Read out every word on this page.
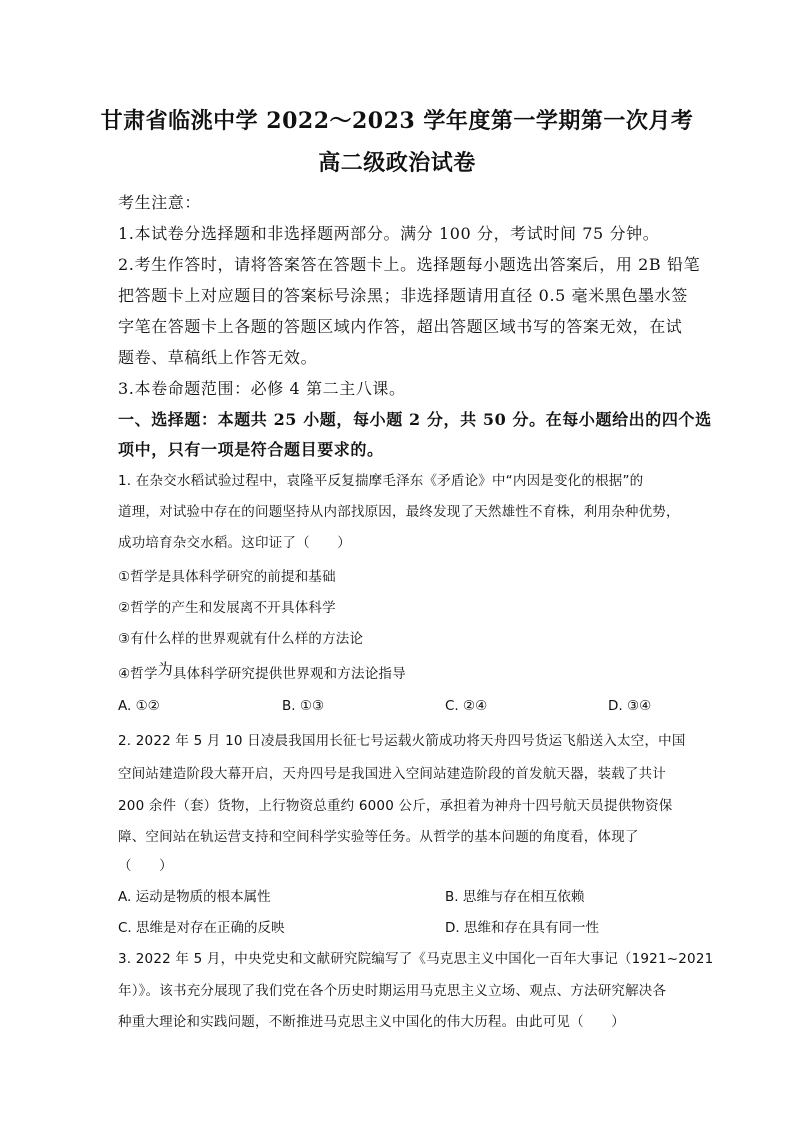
甘肃省临洮中学 2022～2023 学年度第一学期第一次月考
高二级政治试卷
考生注意：
1.本试卷分选择题和非选择题两部分。满分 100 分，考试时间 75 分钟。
2.考生作答时，请将答案答在答题卡上。选择题每小题选出答案后，用 2B 铅笔
把答题卡上对应题目的答案标号涂黑；非选择题请用直径 0.5 毫米黑色墨水签
字笔在答题卡上各题的答题区域内作答，超出答题区域书写的答案无效，在试
题卷、草稿纸上作答无效。
3.本卷命题范围：必修 4 第二主八课。
一、选择题：本题共 25 小题，每小题 2 分，共 50 分。在每小题给出的四个选
项中，只有一项是符合题目要求的。
1. 在杂交水稻试验过程中，袁隆平反复揣摩毛泽东《矛盾论》中“内因是变化的根据”的
道理，对试验中存在的问题坚持从内部找原因，最终发现了天然雄性不育株，利用杂种优势，
成功培育杂交水稻。这印证了（　　）
①哲学是具体科学研究的前提和基础
②哲学的产生和发展离不开具体科学
③有什么样的世界观就有什么样的方法论
④哲学为具体科学研究提供世界观和方法论指导
A. ①②	B. ①③	C. ②④	D. ③④
2. 2022 年 5 月 10 日凌晨我国用长征七号运载火箭成功将天舟四号货运飞船送入太空，中国
空间站建造阶段大幕开启，天舟四号是我国进入空间站建造阶段的首发航天器，装载了共计
200 余件（套）货物，上行物资总重约 6000 公斤，承担着为神舟十四号航天员提供物资保
障、空间站在轨运营支持和空间科学实验等任务。从哲学的基本问题的角度看，体现了
（　　）
A. 运动是物质的根本属性	B. 思维与存在相互依赖
C. 思维是对存在正确的反映	D. 思维和存在具有同一性
3. 2022 年 5 月，中央党史和文献研究院编写了《马克思主义中国化一百年大事记（1921~2021
年）》。该书充分展现了我们党在各个历史时期运用马克思主义立场、观点、方法研究解决各
种重大理论和实践问题，不断推进马克思主义中国化的伟大历程。由此可见（　　）
